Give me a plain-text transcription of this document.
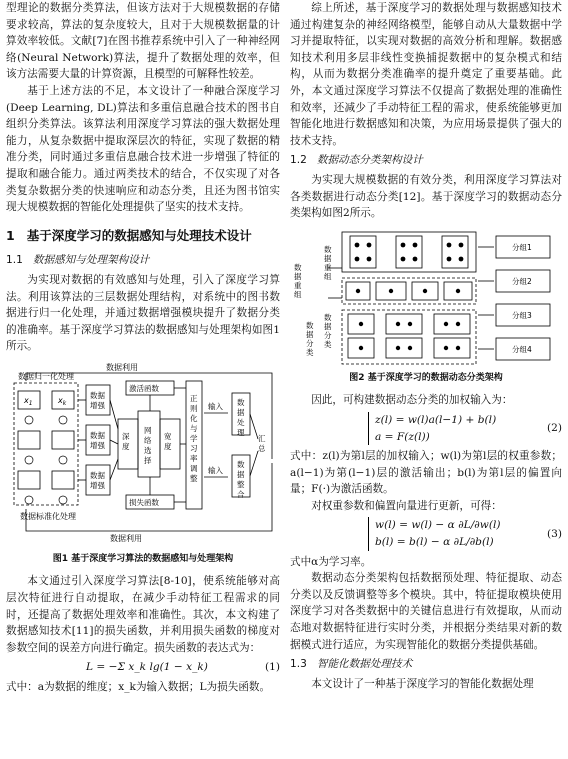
型理论的数据分类算法，但该方法对于大规模数据的存储要求较高，算法的复杂度较大，且对于大规模数据量的计算效率较低。文献[7]在图书推荐系统中引入了一种神经网络(Neural Network)算法，提升了数据处理的效率，但该方法需要大量的计算资源，且模型的可解释性较差。

基于上述方法的不足，本文设计了一种融合深度学习(Deep Learning, DL)算法和多重信息融合技术的图书自组织分类算法。该算法利用深度学习算法的强大数据处理能力，从复杂数据中提取深层次的特征，实现了数据的精准分类，同时通过多重信息融合技术进一步增强了特征的提取和融合能力。通过两类技术的结合，不仅实现了对各类复杂数据分类的快速响应和动态分类，且还为图书馆实现大规模数据的智能化处理提供了坚实的技术支持。

1 基于深度学习的数据感知与处理技术设计
1.1 数据感知与处理架构设计

为实现对数据的有效感知与处理，引入了深度学习算法。利用该算法的三层数据处理结构，对系统中的图书数据进行归一化处理，并通过数据增强模块提升了数据分类的准确率。基于深度学习算法的数据感知与处理架构如图1所示。

数据利用
数据归一化处理
数据标准化处理
数据利用
$x_1$	$x_k$
数据增强
数据增强
数据增强
激活函数
损失函数
深度
网络选择
宽度
正则化与学习率调整
输入
输入
数据处理
数据整合
汇总
图1 基于深度学习算法的数据感知与处理架构

本文通过引入深度学习算法[8-10]，使系统能够对高层次特征进行自动提取，在减少手动特征工程需求的同时，还提高了数据处理效率和准确性。其次，本文构建了数据感知技术[11]的损失函数，并利用损失函数的梯度对参数空间的误差方向进行确定。损失函数的表达式为：

L = −Σ x_k lg(1 − x_k)	(1)

式中：a为数据的维度；x_k为输入数据；L为损失函数。

综上所述，基于深度学习的数据处理与数据感知技术通过构建复杂的神经网络模型，能够自动从大量数据中学习并提取特征，以实现对数据的高效分析和理解。数据感知技术利用多层非线性变换捕捉数据中的复杂模式和结构，从而为数据分类准确率的提升奠定了重要基础。此外，本文通过深度学习算法不仅提高了数据处理的准确性和效率，还减少了手动特征工程的需求，使系统能够更加智能化地进行数据感知和决策，为应用场景提供了强大的技术支持。

1.2 数据动态分类架构设计

为实现大规模数据的有效分类，利用深度学习算法对各类数据进行动态分类[12]。基于深度学习的数据动态分类架构如图2所示。

数据重组
数据重组
数据分类
数据分类
分组1
分组2
分组3
分组4
图2 基于深度学习的数据动态分类架构

因此，可构建数据动态分类的加权输入为：

z(l) = w(l)a(l−1) + b(l)
a = F(z(l))
(2)

式中：z(l)为第l层的加权输入；w(l)为第l层的权重参数；a(l−1)为第(l−1)层的激活输出；b(l)为第l层的偏置向量；F(·)为激活函数。

对权重参数和偏置向量进行更新，可得：

w(l) = w(l) − α ∂L/∂w(l)
b(l) = b(l) − α ∂L/∂b(l)
(3)

式中α为学习率。

数据动态分类架构包括数据预处理、特征提取、动态分类以及反馈调整等多个模块。其中，特征提取模块使用深度学习对各类数据中的关键信息进行有效提取，从而动态地对数据特征进行实时分类，并根据分类结果对新的数据模式进行适应，为实现智能化的数据分类提供基础。

1.3 智能化数据处理技术

本文设计了一种基于深度学习的智能化数据处理
